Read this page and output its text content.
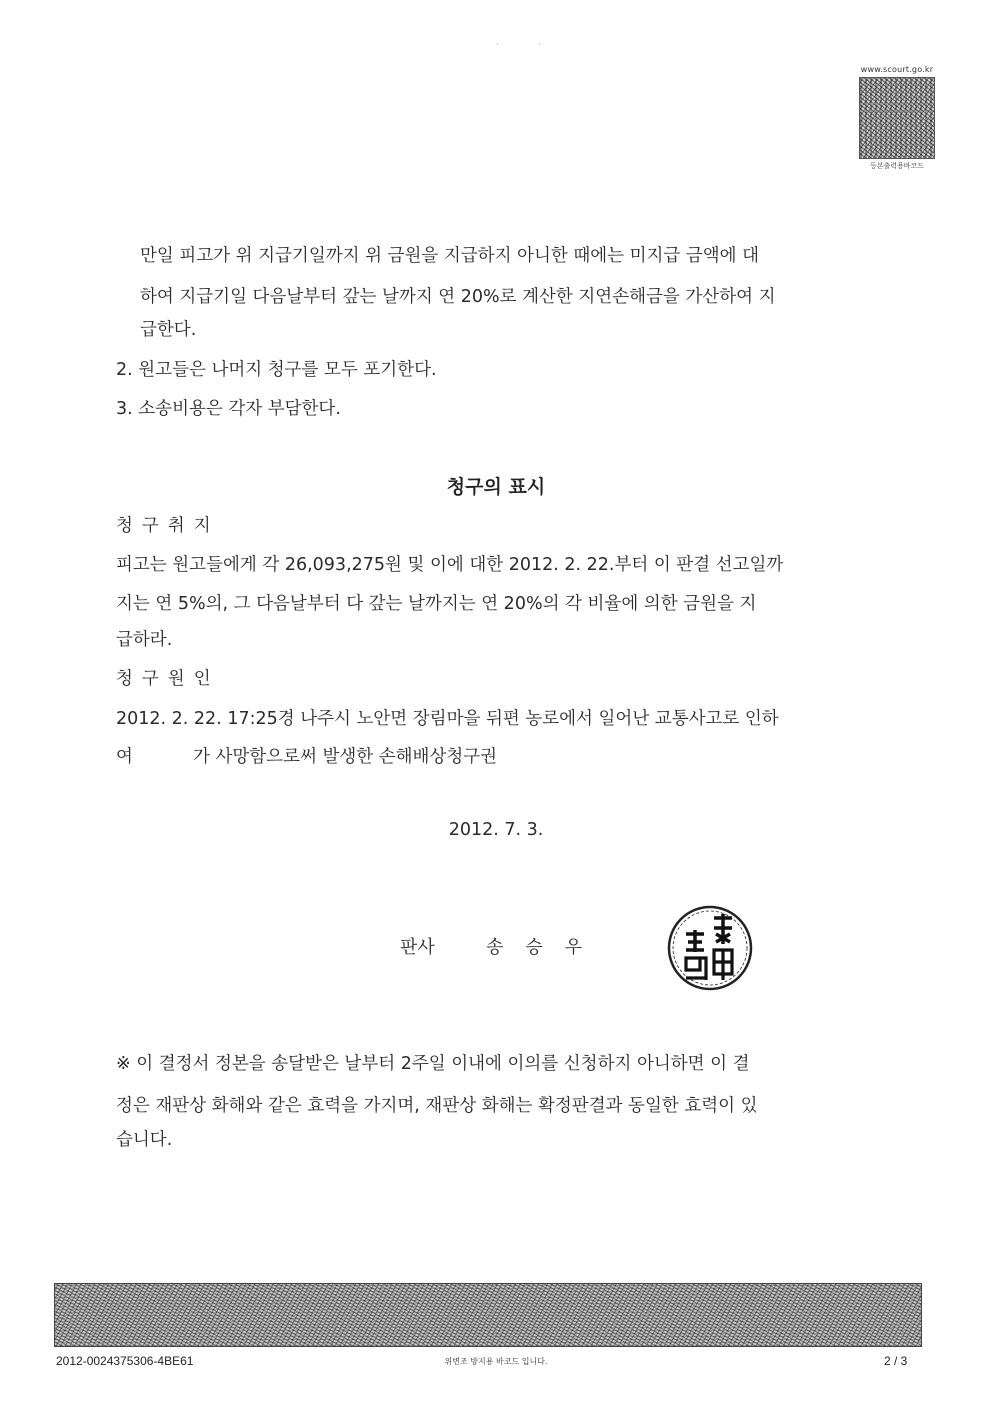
··
www.scourt.go.kr
등본출력용바코드
만일 피고가 위 지급기일까지 위 금원을 지급하지 아니한 때에는 미지급 금액에 대
하여 지급기일 다음날부터 갚는 날까지 연 20%로 계산한 지연손해금을 가산하여 지
급한다.
2. 원고들은 나머지 청구를 모두 포기한다.
3. 소송비용은 각자 부담한다.
청구의 표시
청구취지
피고는 원고들에게 각 26,093,275원 및 이에 대한 2012. 2. 22.부터 이 판결 선고일까
지는 연 5%의, 그 다음날부터 다 갚는 날까지는 연 20%의 각 비율에 의한 금원을 지
급하라.
청구원인
2012. 2. 22. 17:25경 나주시 노안면 장림마을 뒤편 농로에서 일어난 교통사고로 인하
여	가 사망함으로써 발생한 손해배상청구권
2012. 7. 3.
판사	송승우
※ 이 결정서 정본을 송달받은 날부터 2주일 이내에 이의를 신청하지 아니하면 이 결
정은 재판상 화해와 같은 효력을 가지며, 재판상 화해는 확정판결과 동일한 효력이 있
습니다.
2012-0024375306-4BE61	위변조 방지용 바코드 입니다.	2 / 3
